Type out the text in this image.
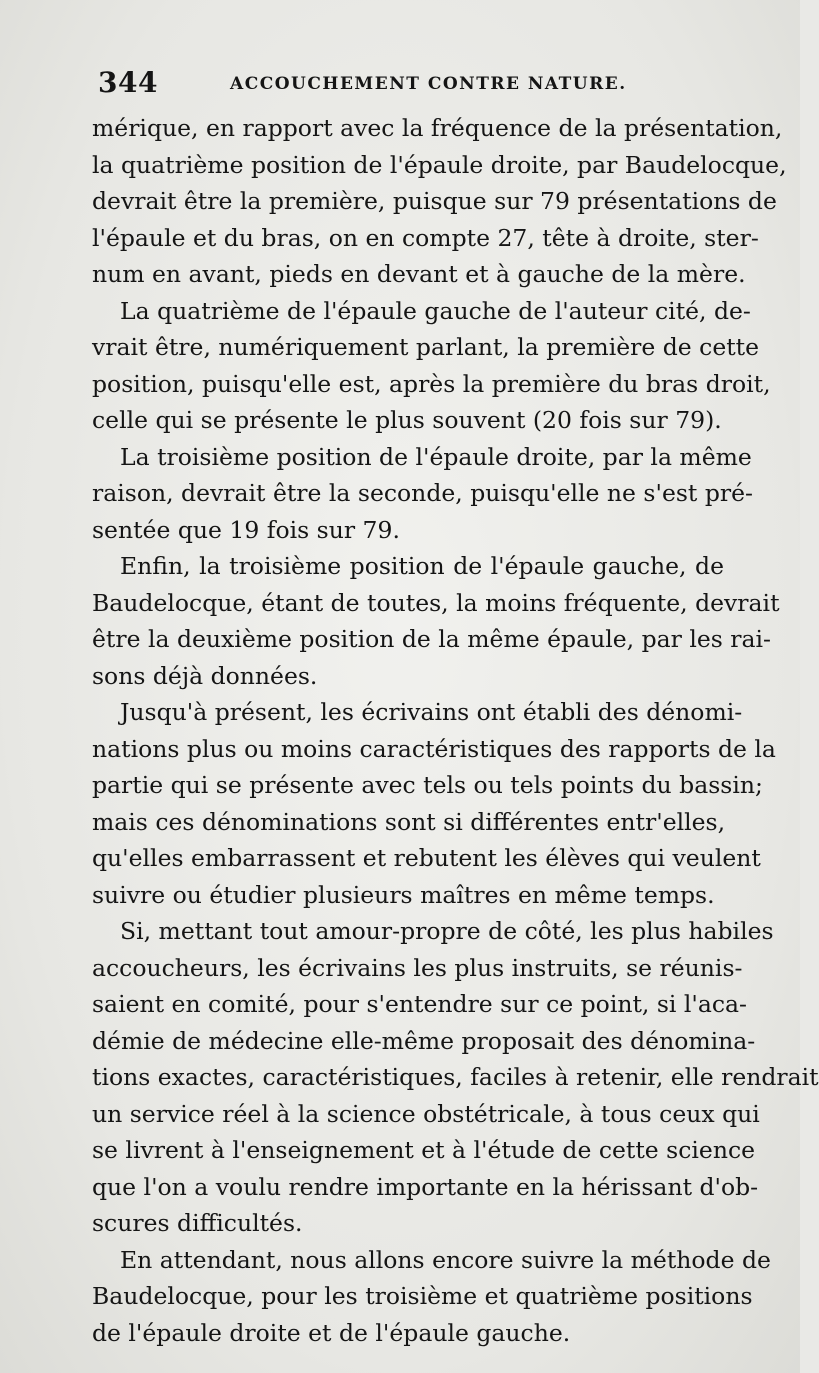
344	ACCOUCHEMENT CONTRE NATURE.
mérique, en rapport avec la fréquence de la présentation,
la quatrième position de l'épaule droite, par Baudelocque,
devrait être la première, puisque sur 79 présentations de
l'épaule et du bras, on en compte 27, tête à droite, ster-
num en avant, pieds en devant et à gauche de la mère.
La quatrième de l'épaule gauche de l'auteur cité, de-
vrait être, numériquement parlant, la première de cette
position, puisqu'elle est, après la première du bras droit,
celle qui se présente le plus souvent (20 fois sur 79).
La troisième position de l'épaule droite, par la même
raison, devrait être la seconde, puisqu'elle ne s'est pré-
sentée que 19 fois sur 79.
Enfin, la troisième position de l'épaule gauche, de
Baudelocque, étant de toutes, la moins fréquente, devrait
être la deuxième position de la même épaule, par les rai-
sons déjà données.
Jusqu'à présent, les écrivains ont établi des dénomi-
nations plus ou moins caractéristiques des rapports de la
partie qui se présente avec tels ou tels points du bassin;
mais ces dénominations sont si différentes entr'elles,
qu'elles embarrassent et rebutent les élèves qui veulent
suivre ou étudier plusieurs maîtres en même temps.
Si, mettant tout amour-propre de côté, les plus habiles
accoucheurs, les écrivains les plus instruits, se réunis-
saient en comité, pour s'entendre sur ce point, si l'aca-
démie de médecine elle-même proposait des dénomina-
tions exactes, caractéristiques, faciles à retenir, elle rendrait
un service réel à la science obstétricale, à tous ceux qui
se livrent à l'enseignement et à l'étude de cette science
que l'on a voulu rendre importante en la hérissant d'ob-
scures difficultés.
En attendant, nous allons encore suivre la méthode de
Baudelocque, pour les troisième et quatrième positions
de l'épaule droite et de l'épaule gauche.
